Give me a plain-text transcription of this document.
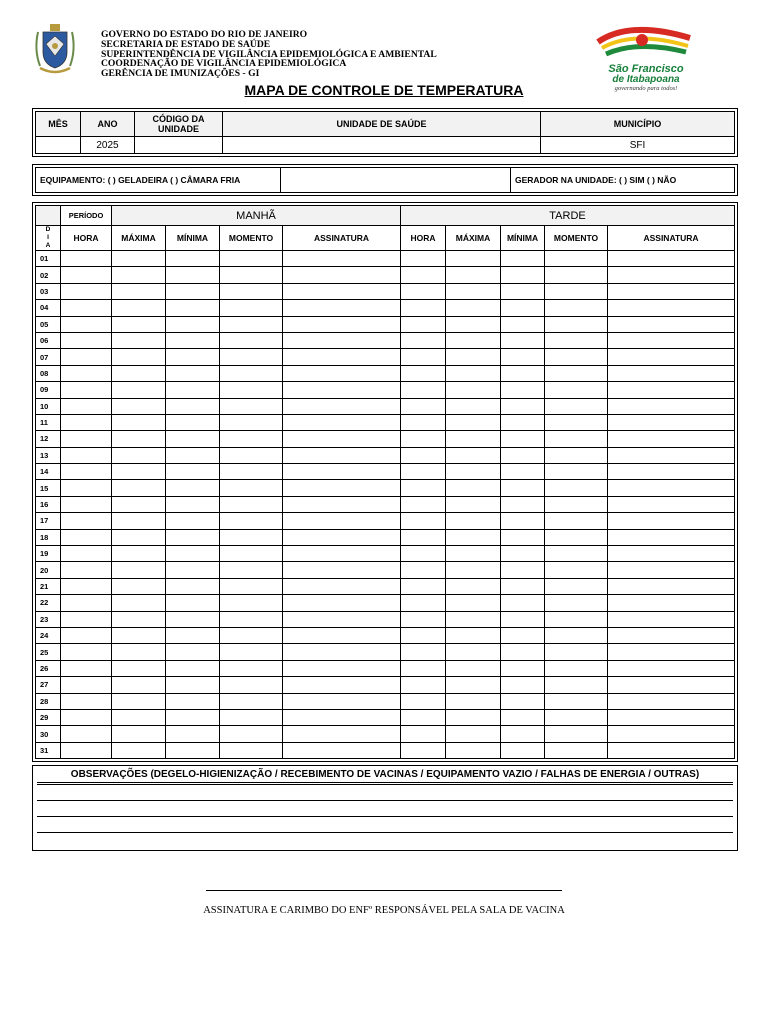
GOVERNO DO ESTADO DO RIO DE JANEIRO
SECRETARIA DE ESTADO DE SAÚDE
SUPERINTENDÊNCIA DE VIGILÂNCIA EPIDEMIOLÓGICA E AMBIENTAL
COORDENAÇÃO DE VIGILÂNCIA EPIDEMIOLÓGICA
GERÊNCIA DE IMUNIZAÇÕES - GI	São Francisco
de Itabapoana
governando para todos!
MAPA DE CONTROLE DE TEMPERATURA
MÊS	ANO	CÓDIGO DA UNIDADE	UNIDADE DE SAÚDE	MUNICÍPIO
	2025			SFI
EQUIPAMENTO: ( ) GELADEIRA ( ) CÂMARA FRIA		GERADOR NA UNIDADE: ( ) SIM ( ) NÃO
	PERÍODO	MANHÃ				TARDE				

D I A	HORA	MÁXIMA	MÍNIMA	MOMENTO	ASSINATURA	HORA	MÁXIMA	MÍNIMA	MOMENTO	ASSINATURA
01										
02										
03										
04										
05										
06										
07										
08										
09										
10										
11										
12										
13										
14										
15										
16										
17										
18										
19										
20										
21										
22										
23										
24										
25										
26										
27										
28										
29										
30										
31										
OBSERVAÇÕES (DEGELO-HIGIENIZAÇÃO / RECEBIMENTO DE VACINAS / EQUIPAMENTO VAZIO / FALHAS DE ENERGIA / OUTRAS)
ASSINATURA E CARIMBO DO ENFº RESPONSÁVEL PELA SALA DE VACINA
